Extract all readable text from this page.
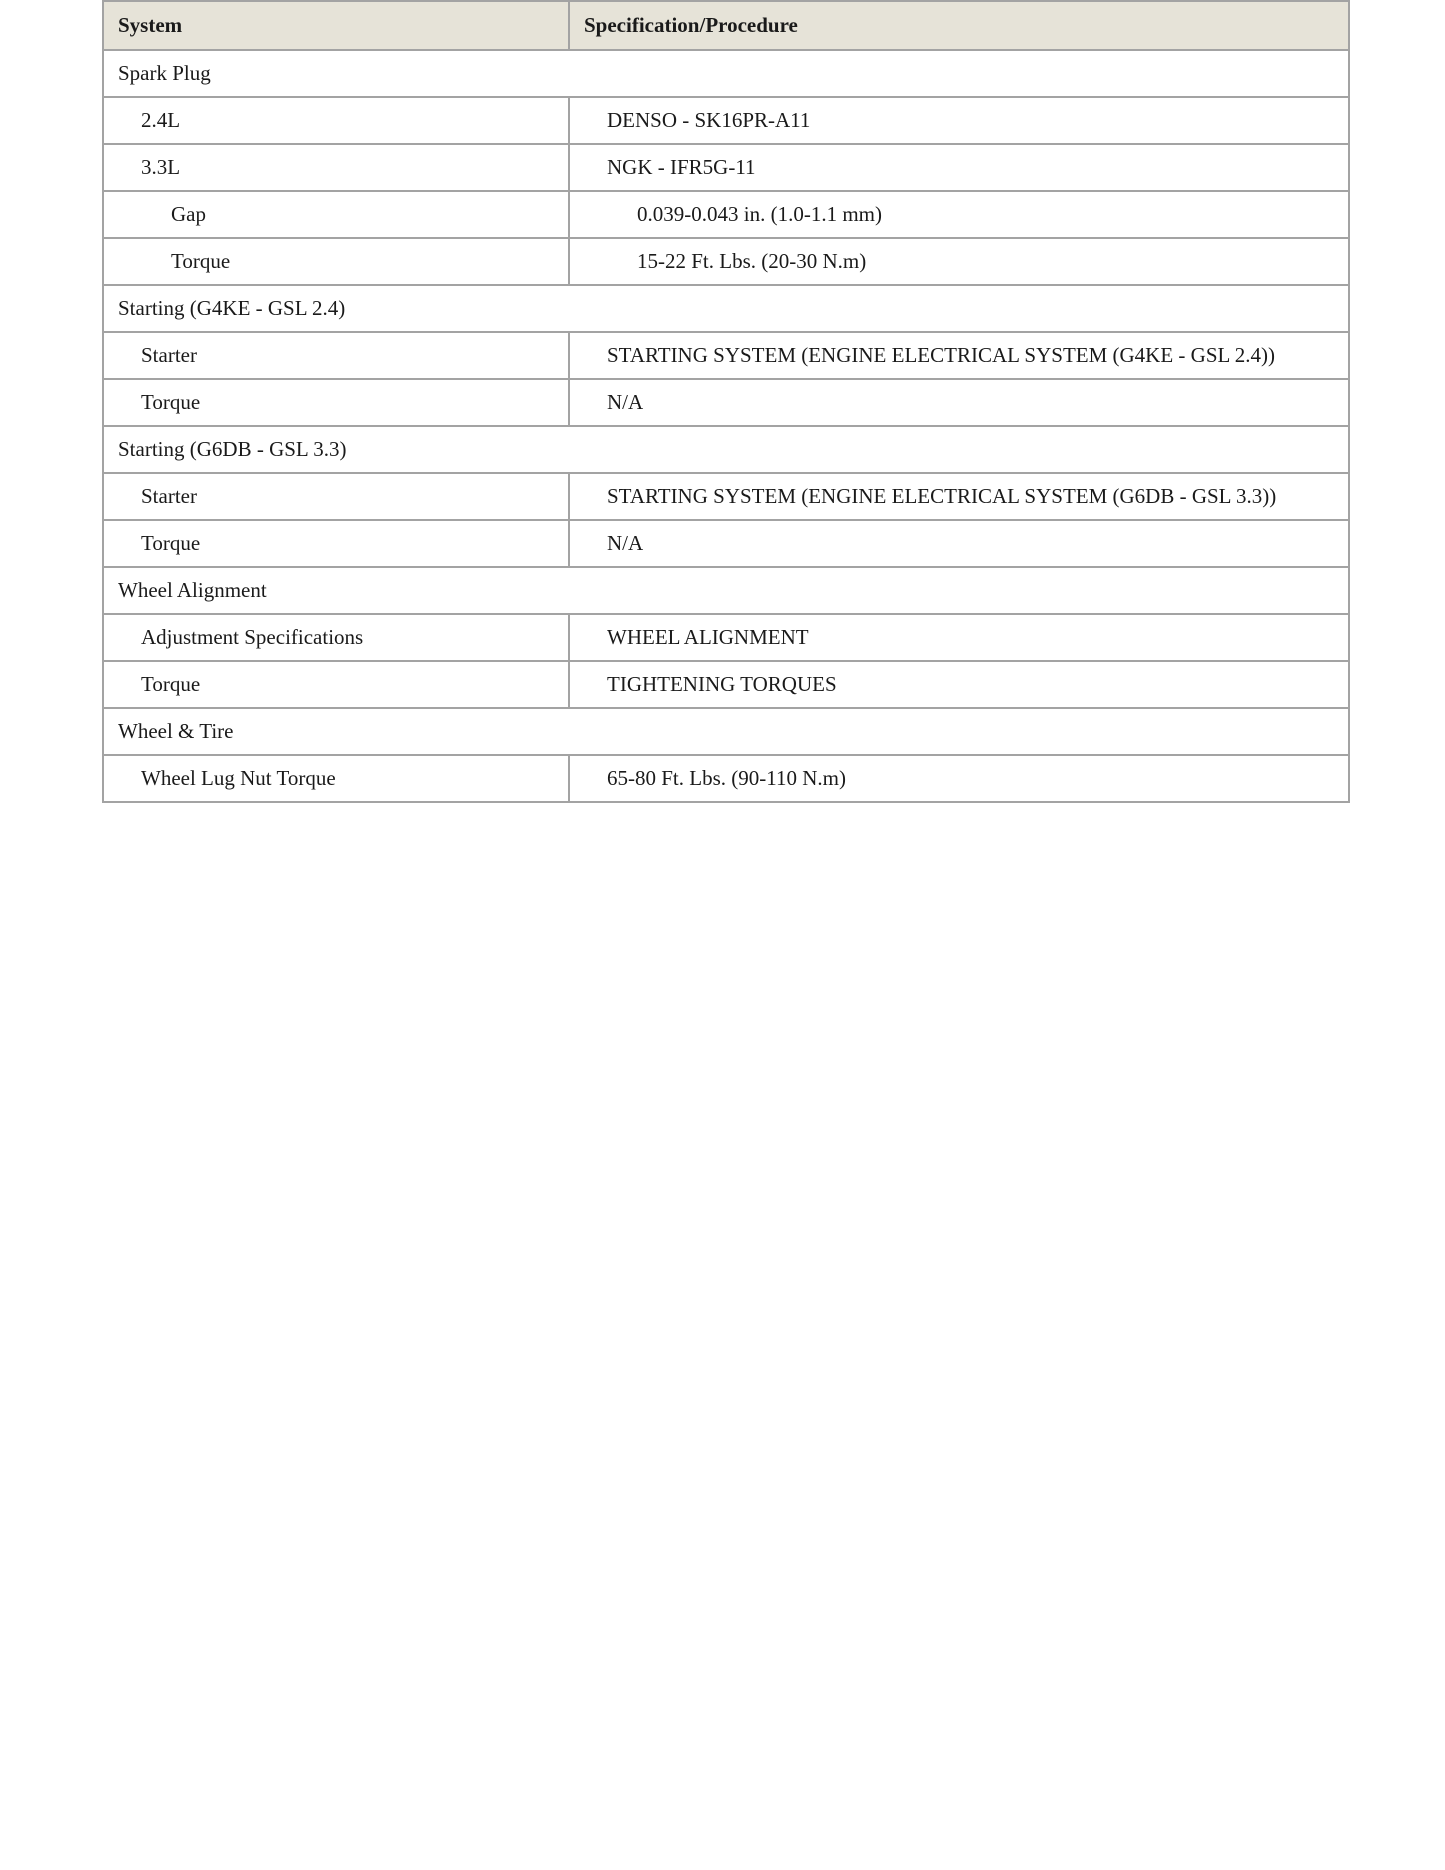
System	Specification/Procedure
Spark Plug	
2.4L	DENSO - SK16PR-A11
3.3L	NGK - IFR5G-11
Gap	0.039-0.043 in. (1.0-1.1 mm)
Torque	15-22 Ft. Lbs. (20-30 N.m)
Starting (G4KE - GSL 2.4)	
Starter	STARTING SYSTEM (ENGINE ELECTRICAL SYSTEM (G4KE - GSL 2.4))
Torque	N/A
Starting (G6DB - GSL 3.3)	
Starter	STARTING SYSTEM (ENGINE ELECTRICAL SYSTEM (G6DB - GSL 3.3))
Torque	N/A
Wheel Alignment	
Adjustment Specifications	WHEEL ALIGNMENT
Torque	TIGHTENING TORQUES
Wheel & Tire	
Wheel Lug Nut Torque	65-80 Ft. Lbs. (90-110 N.m)
